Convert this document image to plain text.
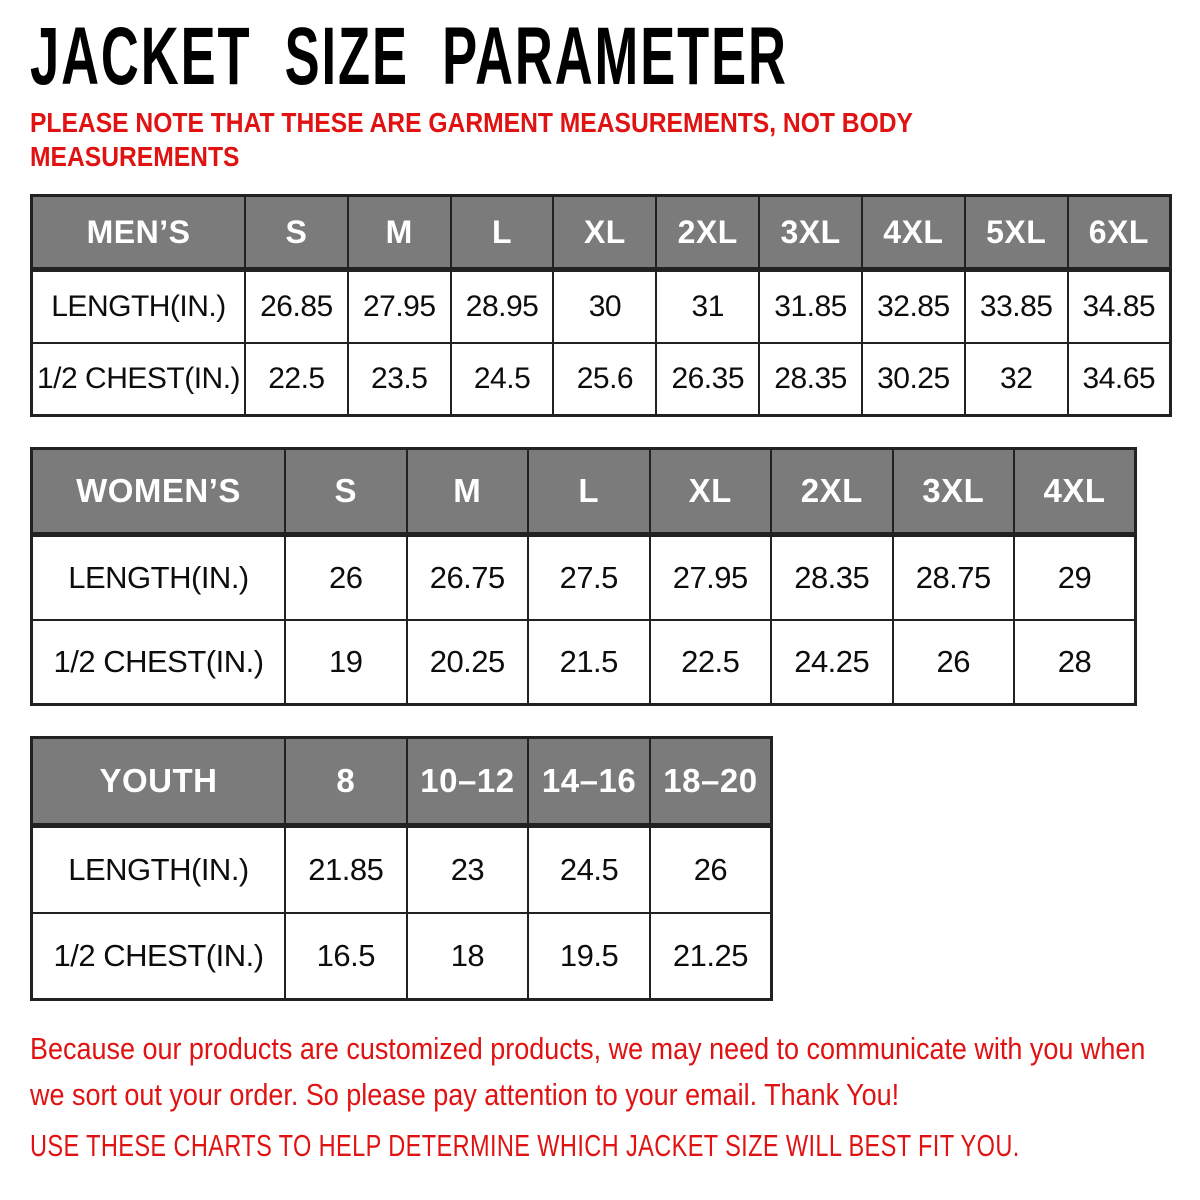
JACKET SIZE PARAMETER
PLEASE NOTE THAT THESE ARE GARMENT MEASUREMENTS, NOT BODY MEASUREMENTS
MEN’S	S	M	L	XL	2XL	3XL	4XL	5XL	6XL
LENGTH(IN.)	26.85	27.95	28.95	30	31	31.85	32.85	33.85	34.85
1/2 CHEST(IN.)	22.5	23.5	24.5	25.6	26.35	28.35	30.25	32	34.65
WOMEN’S	S	M	L	XL	2XL	3XL	4XL
LENGTH(IN.)	26	26.75	27.5	27.95	28.35	28.75	29
1/2 CHEST(IN.)	19	20.25	21.5	22.5	24.25	26	28
YOUTH	8	10–12	14–16	18–20
LENGTH(IN.)	21.85	23	24.5	26
1/2 CHEST(IN.)	16.5	18	19.5	21.25
Because our products are customized products, we may need to communicate with you when we sort out your order. So please pay attention to your email. Thank You!
USE THESE CHARTS TO HELP DETERMINE WHICH JACKET SIZE WILL BEST FIT YOU.
